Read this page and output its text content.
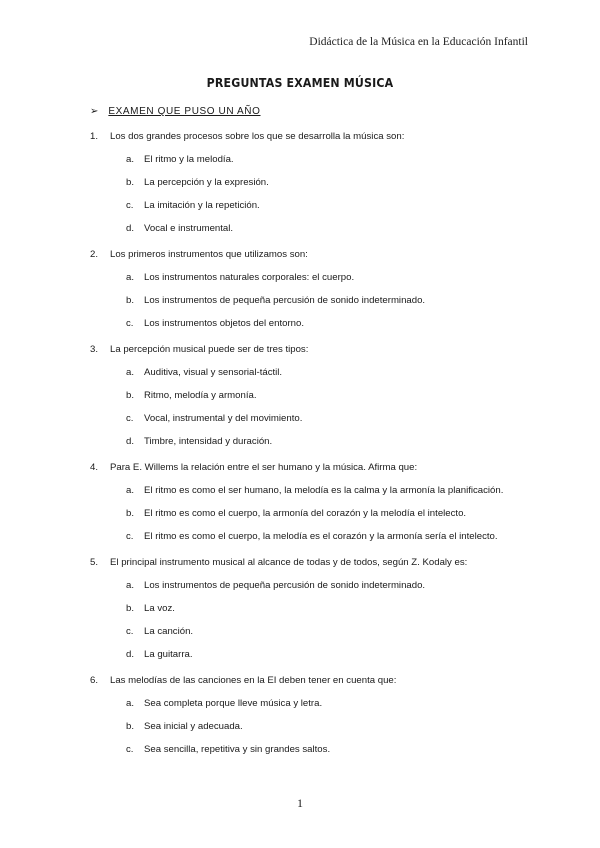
Didáctica de la Música en la Educación Infantil
PREGUNTAS EXAMEN MÚSICA
➢ EXAMEN QUE PUSO UN AÑO
1.	Los dos grandes procesos sobre los que se desarrolla la música son:
a.	El ritmo y la melodía.
b.	La percepción y la expresión.
c.	La imitación y la repetición.
d.	Vocal e instrumental.
2.	Los primeros instrumentos que utilizamos son:
a.	Los instrumentos naturales corporales: el cuerpo.
b.	Los instrumentos de pequeña percusión de sonido indeterminado.
c.	Los instrumentos objetos del entorno.
3.	La percepción musical puede ser de tres tipos:
a.	Auditiva, visual y sensorial-táctil.
b.	Ritmo, melodía y armonía.
c.	Vocal, instrumental y del movimiento.
d.	Timbre, intensidad y duración.
4.	Para E. Willems la relación entre el ser humano y la música. Afirma que:
a.	El ritmo es como el ser humano, la melodía es la calma y la armonía la planificación.
b.	El ritmo es como el cuerpo, la armonía del corazón y la melodía el intelecto.
c.	El ritmo es como el cuerpo, la melodía es el corazón y la armonía sería el intelecto.
5.	El principal instrumento musical al alcance de todas y de todos, según Z. Kodaly es:
a.	Los instrumentos de pequeña percusión de sonido indeterminado.
b.	La voz.
c.	La canción.
d.	La guitarra.
6.	Las melodías de las canciones en la EI deben tener en cuenta que:
a.	Sea completa porque lleve música y letra.
b.	Sea inicial y adecuada.
c.	Sea sencilla, repetitiva y sin grandes saltos.
1
